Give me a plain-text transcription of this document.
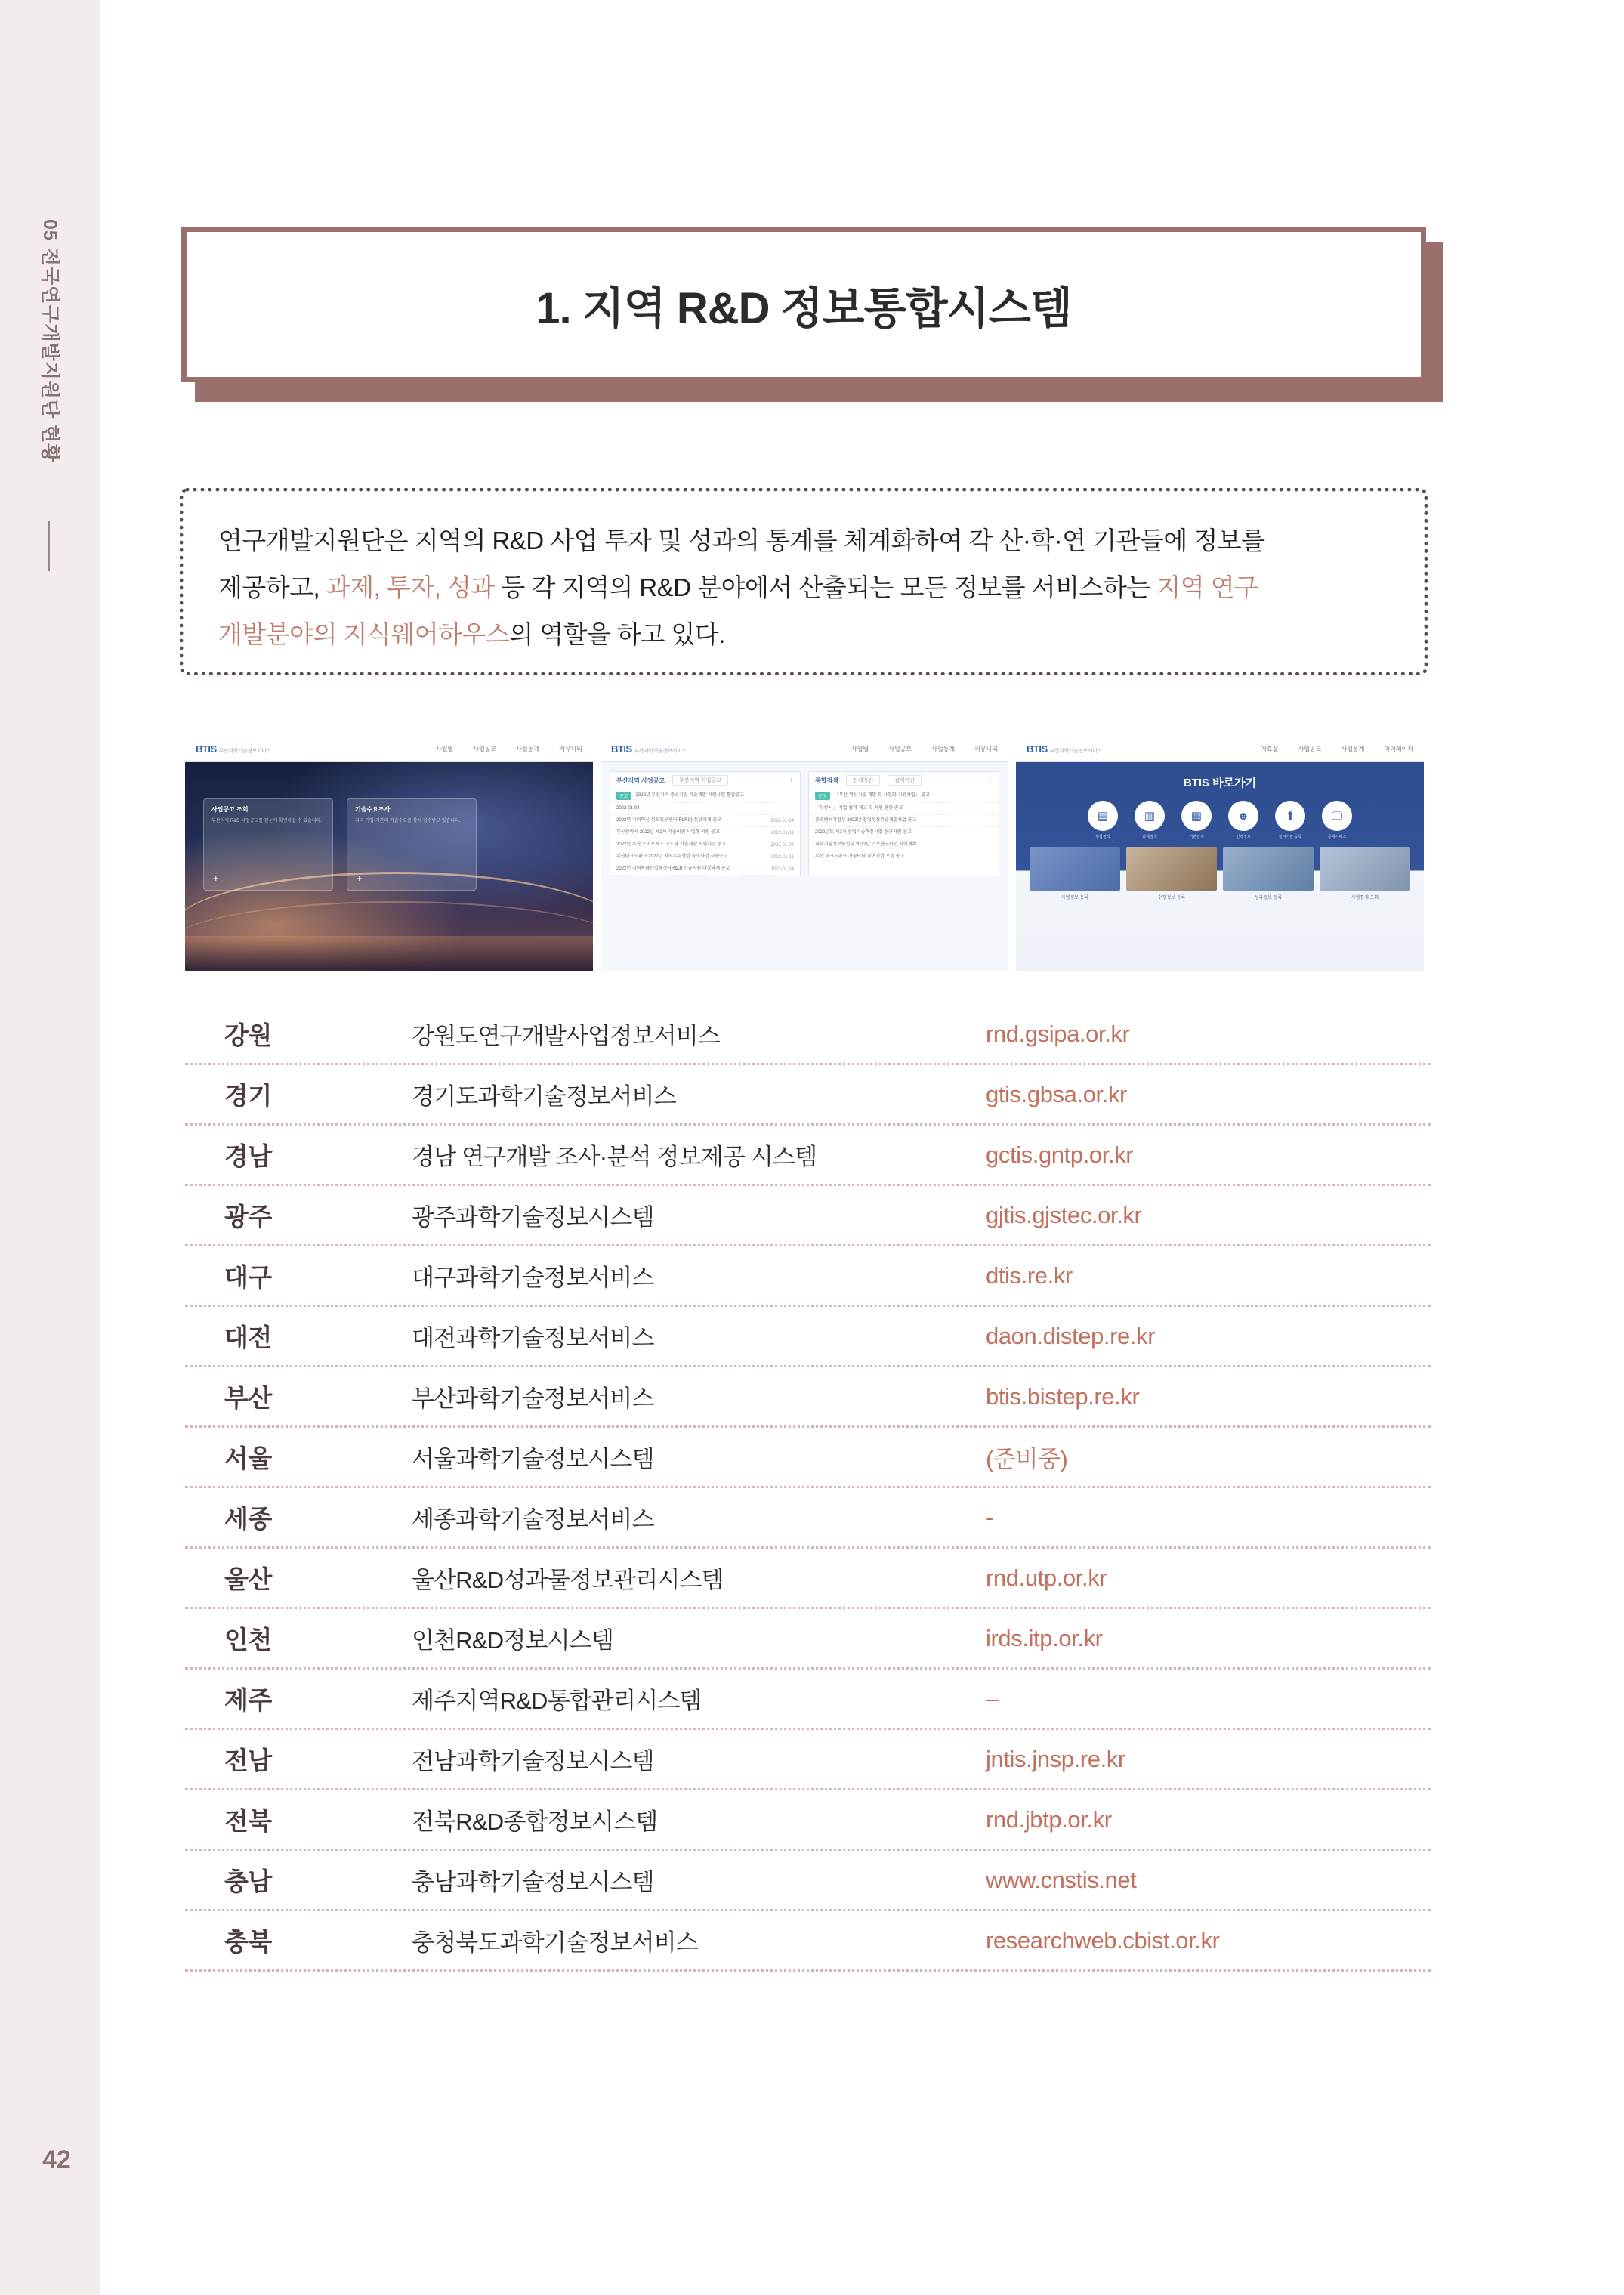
05 전국연구개발지원단 현황
42
1. 지역 R&D 정보통합시스템
연구개발지원단은 지역의 R&D 사업 투자 및 성과의 통계를 체계화하여 각 산·학·연 기관들에 정보를
제공하고, 과제, 투자, 성과 등 각 지역의 R&D 분야에서 산출되는 모든 정보를 서비스하는 지역 연구
개발분야의 지식웨어하우스의 역할을 하고 있다.
BTIS 부산과학기술정보서비스	사업별	사업공모	사업통계	커뮤니티
사업공고 조회
부산지역 R&D 사업공고를 한눈에 확인하실 수 있습니다.
+
기술수요조사
지역 기업·기관의 기술수요를 상시 접수받고 있습니다.
+
BTIS 부산과학기술정보서비스	사업별	사업공모	사업통계	커뮤니티
부산지역 사업공고	부산지역 사업공고	+
공고	2022년 부산지역 중소기업 기술개발 지원사업 통합공고
2022-01-04
2022년 지역혁신 선도연구센터(RLRC) 신규과제 공모	2022-01-04
부산광역시 2022년 제1차 기술이전 사업화 지원 공고	2022-01-11
2022년 부산 스마트제조 고도화 기술개발 지원사업 공고	2022-01-04
부산테크노파크 2022년 지역주력산업 육성사업 시행공고	2022-01-11
2022년 지역특화산업육성+(R&D) 신규지원 대상과제 공고	2022-01-04
통합검색	전체기관	검색기간	+
공고	「부산 혁신기술 개발 및 사업화 지원사업」 공고
「부산시」 기업 활력 제고 및 지원 관련 공고
중소벤처기업부 2022년 창업성장기술개발사업 공고
2022년도 제1차 산업기술혁신사업 신규지원 공고
과학기술정보통신부 2022년 기초연구사업 시행계획
부산 테크노파크 기술닥터 참여기업 모집 공고
BTIS 부산과학기술정보서비스	자료실	사업공모	사업통계	마이페이지
BTIS 바로가기
▤	▥	▦	☻	⬆	🖵
통합검색	과제검색	기관검색	인력정보	참여기관 등록	통계서비스
사업정보 등록	수행정보 등록	성과정보 등록	사업통계 조회
강원	강원도연구개발사업정보서비스	rnd.gsipa.or.kr
경기	경기도과학기술정보서비스	gtis.gbsa.or.kr
경남	경남 연구개발 조사·분석 정보제공 시스템	gctis.gntp.or.kr
광주	광주과학기술정보시스템	gjtis.gjstec.or.kr
대구	대구과학기술정보서비스	dtis.re.kr
대전	대전과학기술정보서비스	daon.distep.re.kr
부산	부산과학기술정보서비스	btis.bistep.re.kr
서울	서울과학기술정보시스템	(준비중)
세종	세종과학기술정보서비스	-
울산	울산R&D성과물정보관리시스템	rnd.utp.or.kr
인천	인천R&D정보시스템	irds.itp.or.kr
제주	제주지역R&D통합관리시스템	–
전남	전남과학기술정보시스템	jntis.jnsp.re.kr
전북	전북R&D종합정보시스템	rnd.jbtp.or.kr
충남	충남과학기술정보시스템	www.cnstis.net
충북	충청북도과학기술정보서비스	researchweb.cbist.or.kr
